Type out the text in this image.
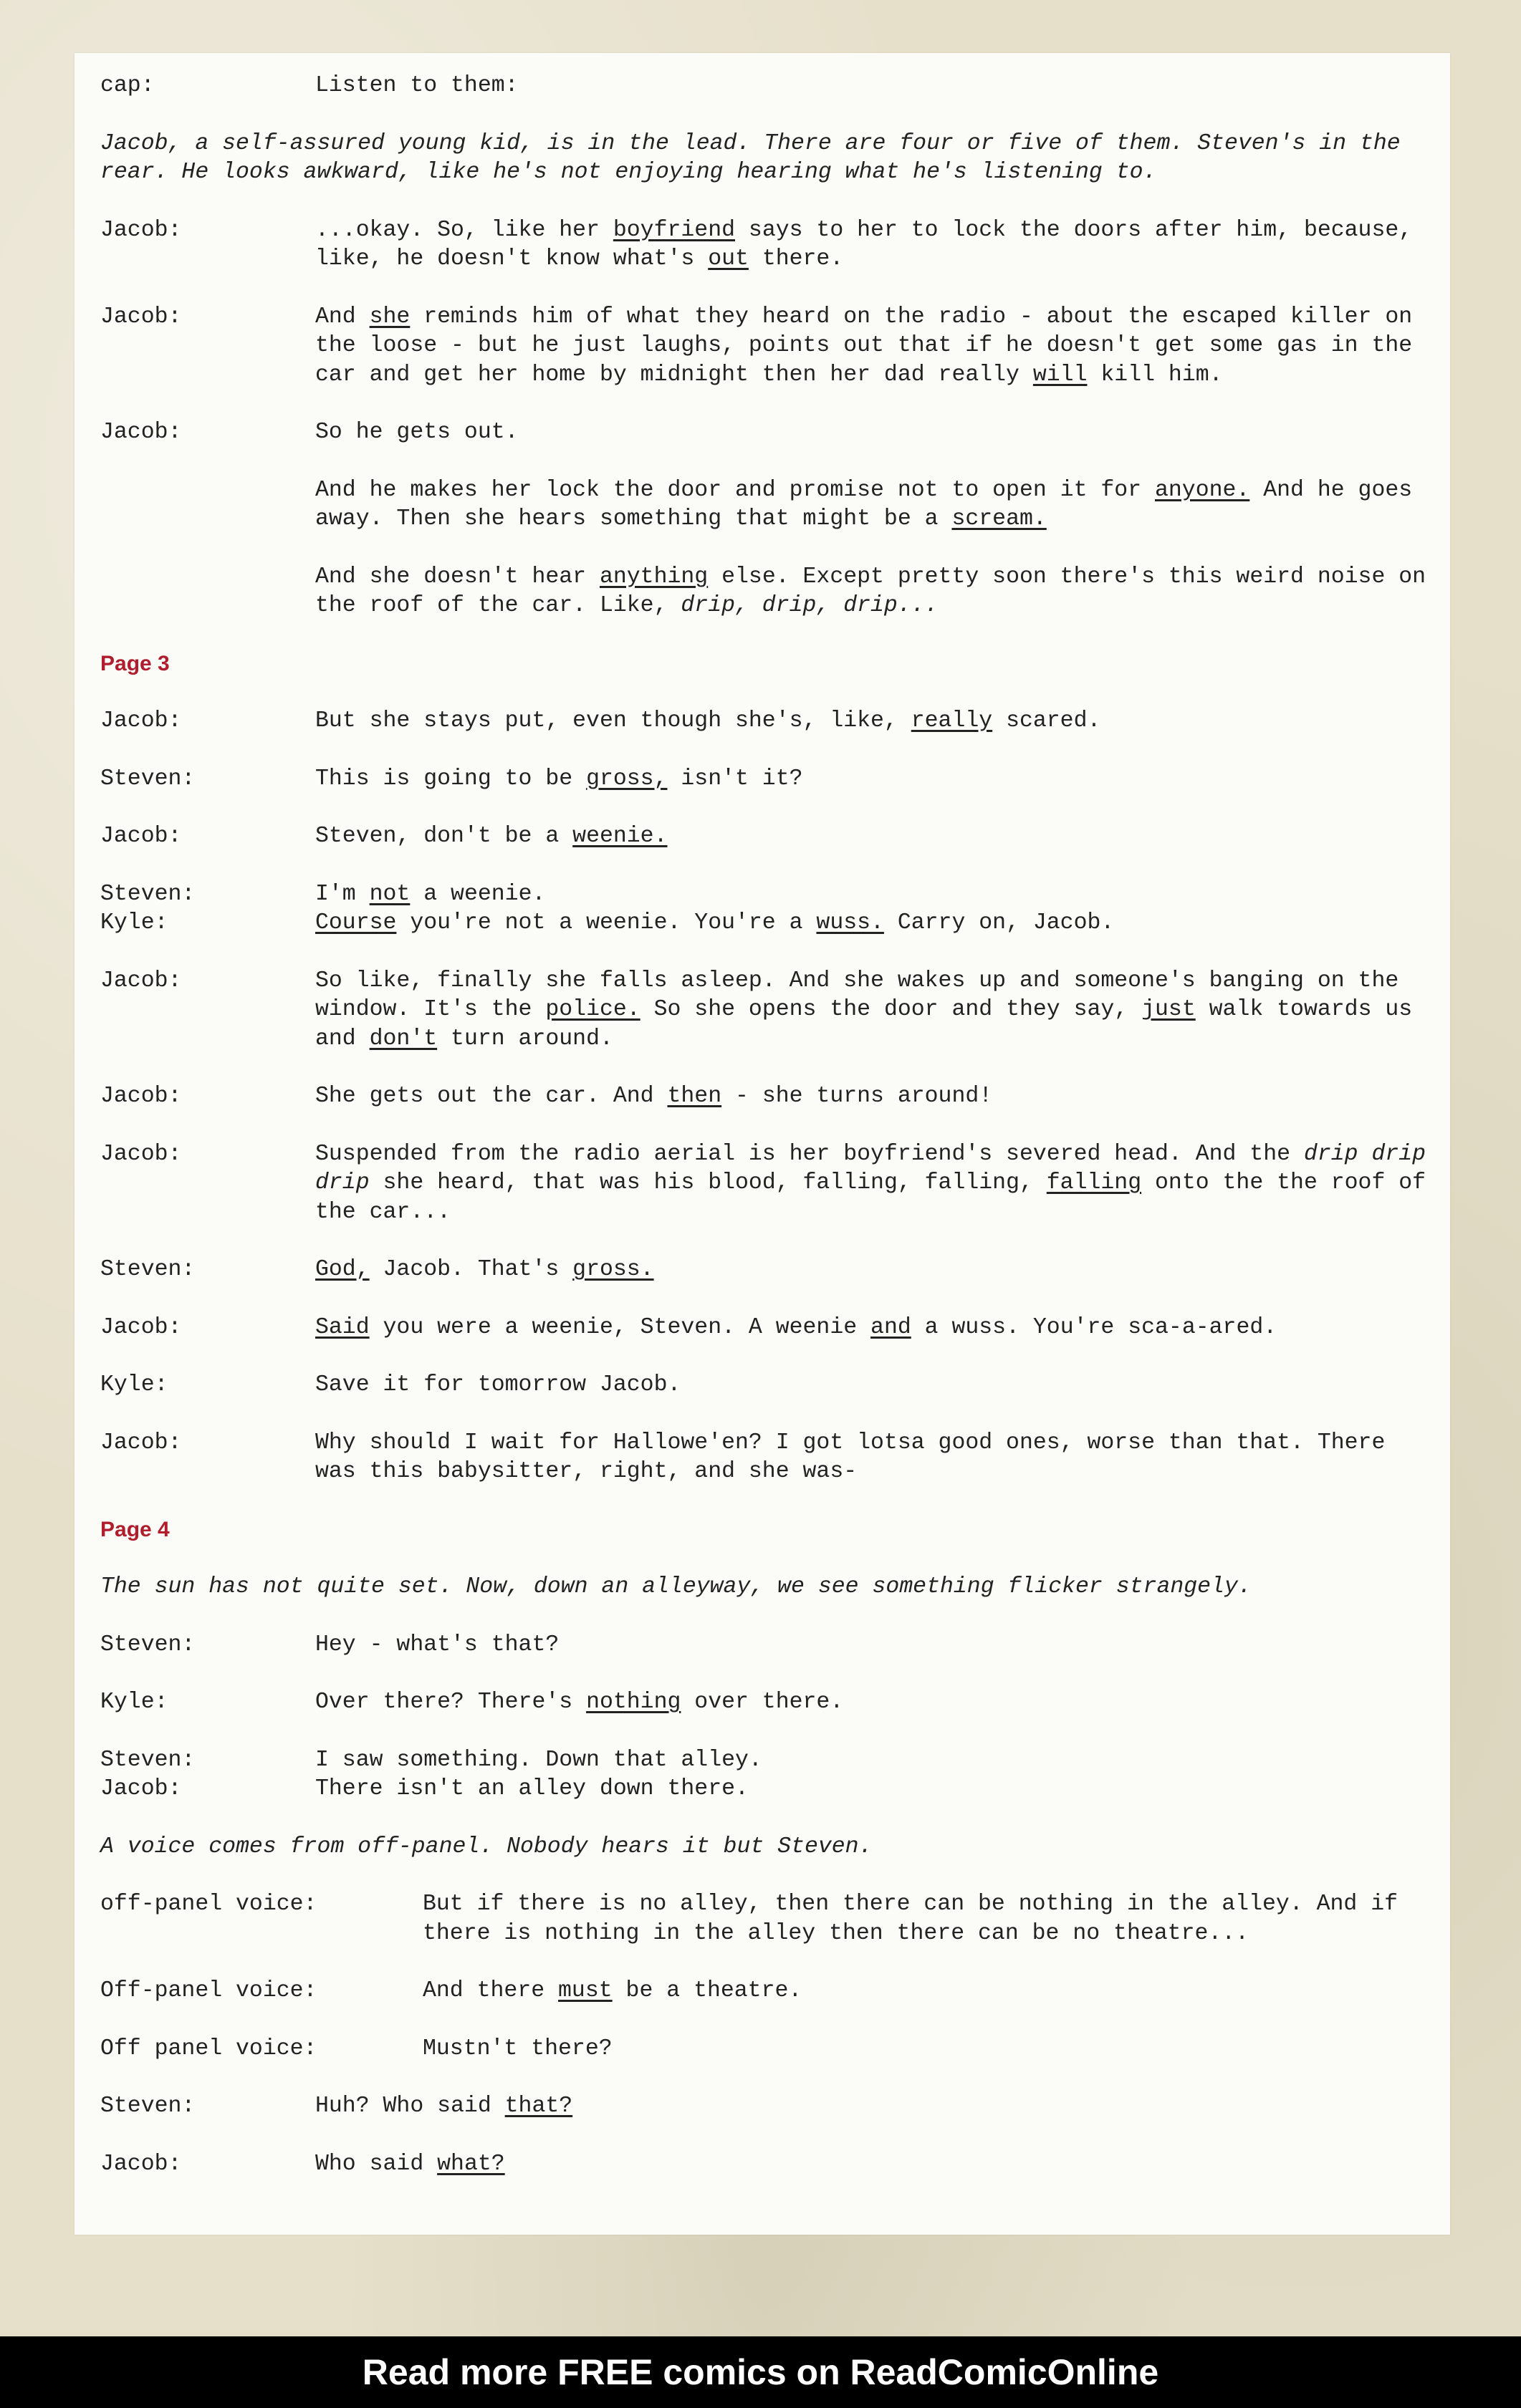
cap:	Listen to them:
Jacob, a self-assured young kid, is in the lead. There are four or five of them. Steven's in the rear. He looks awkward, like he's not enjoying hearing what he's listening to.
Jacob:	...okay. So, like her boyfriend says to her to lock the doors after him, because, like, he doesn't know what's out there.
Jacob:	And she reminds him of what they heard on the radio - about the escaped killer on the loose - but he just laughs, points out that if he doesn't get some gas in the car and get her home by midnight then her dad really will kill him.
Jacob:	So he gets out.
And he makes her lock the door and promise not to open it for anyone. And he goes away. Then she hears something that might be a scream.
And she doesn't hear anything else. Except pretty soon there's this weird noise on the roof of the car. Like, drip, drip, drip...
Page 3
Jacob:	But she stays put, even though she's, like, really scared.
Steven:	This is going to be gross, isn't it?
Jacob:	Steven, don't be a weenie.
Steven:	I'm not a weenie.
Kyle:	Course you're not a weenie. You're a wuss. Carry on, Jacob.
Jacob:	So like, finally she falls asleep. And she wakes up and someone's banging on the window. It's the police. So she opens the door and they say, just walk towards us and don't turn around.
Jacob:	She gets out the car. And then - she turns around!
Jacob:	Suspended from the radio aerial is her boyfriend's severed head. And the drip drip drip she heard, that was his blood, falling, falling, falling onto the the roof of the car...
Steven:	God, Jacob. That's gross.
Jacob:	Said you were a weenie, Steven. A weenie and a wuss. You're sca-a-ared.
Kyle:	Save it for tomorrow Jacob.
Jacob:	Why should I wait for Hallowe'en? I got lotsa good ones, worse than that. There was this babysitter, right, and she was-
Page 4
The sun has not quite set. Now, down an alleyway, we see something flicker strangely.
Steven:	Hey - what's that?
Kyle:	Over there? There's nothing over there.
Steven:	I saw something. Down that alley.
Jacob:	There isn't an alley down there.
A voice comes from off-panel. Nobody hears it but Steven.
off-panel voice:	But if there is no alley, then there can be nothing in the alley. And if there is nothing in the alley then there can be no theatre...
Off-panel voice:	And there must be a theatre.
Off panel voice:	Mustn't there?
Steven:	Huh? Who said that?
Jacob:	Who said what?
Read more FREE comics on ReadComicOnline
